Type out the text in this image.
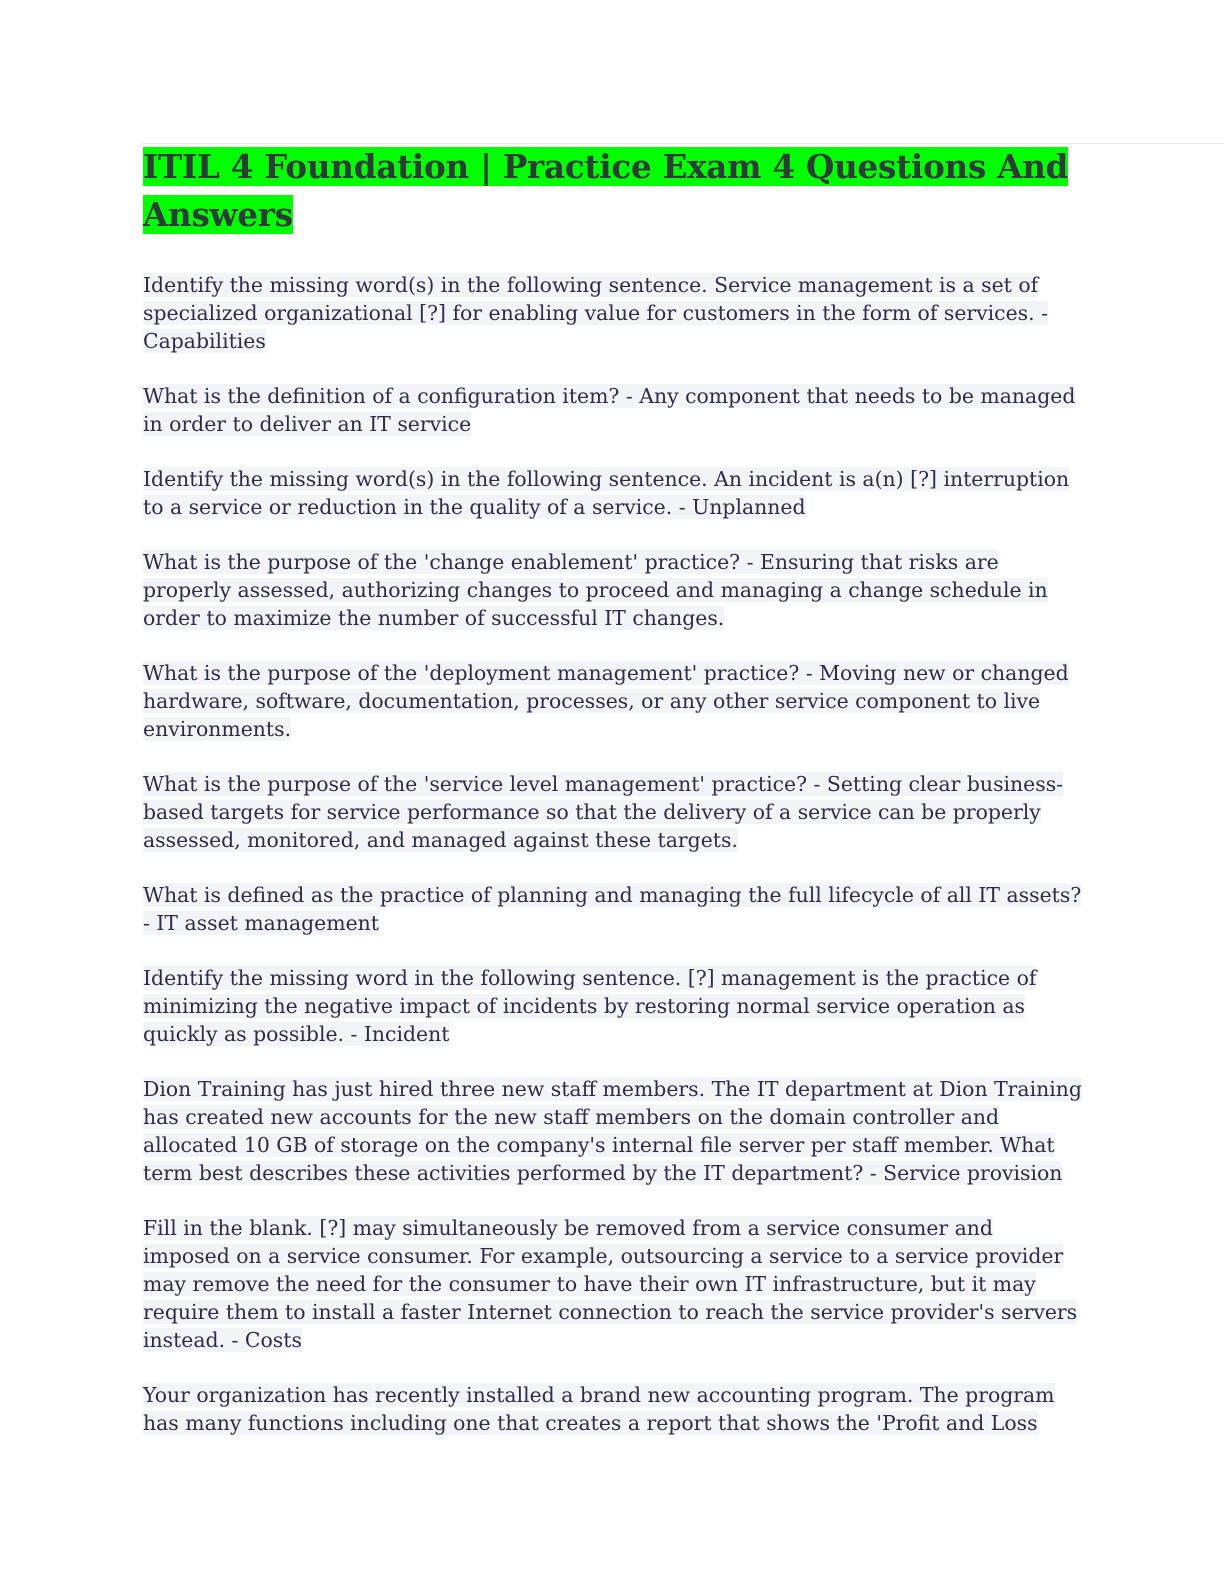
ITIL 4 Foundation | Practice Exam 4 Questions And Answers

Identify the missing word(s) in the following sentence. Service management is a set of specialized organizational [?] for enabling value for customers in the form of services. - Capabilities

What is the definition of a configuration item? - Any component that needs to be managed in order to deliver an IT service

Identify the missing word(s) in the following sentence. An incident is a(n) [?] interruption to a service or reduction in the quality of a service. - Unplanned

What is the purpose of the 'change enablement' practice? - Ensuring that risks are properly assessed, authorizing changes to proceed and managing a change schedule in order to maximize the number of successful IT changes.

What is the purpose of the 'deployment management' practice? - Moving new or changed hardware, software, documentation, processes, or any other service component to live environments.

What is the purpose of the 'service level management' practice? - Setting clear business-based targets for service performance so that the delivery of a service can be properly assessed, monitored, and managed against these targets.

What is defined as the practice of planning and managing the full lifecycle of all IT assets? - IT asset management

Identify the missing word in the following sentence. [?] management is the practice of minimizing the negative impact of incidents by restoring normal service operation as quickly as possible. - Incident

Dion Training has just hired three new staff members. The IT department at Dion Training has created new accounts for the new staff members on the domain controller and allocated 10 GB of storage on the company's internal file server per staff member. What term best describes these activities performed by the IT department? - Service provision

Fill in the blank. [?] may simultaneously be removed from a service consumer and imposed on a service consumer. For example, outsourcing a service to a service provider may remove the need for the consumer to have their own IT infrastructure, but it may require them to install a faster Internet connection to reach the service provider's servers instead. - Costs

Your organization has recently installed a brand new accounting program. The program has many functions including one that creates a report that shows the 'Profit and Loss
